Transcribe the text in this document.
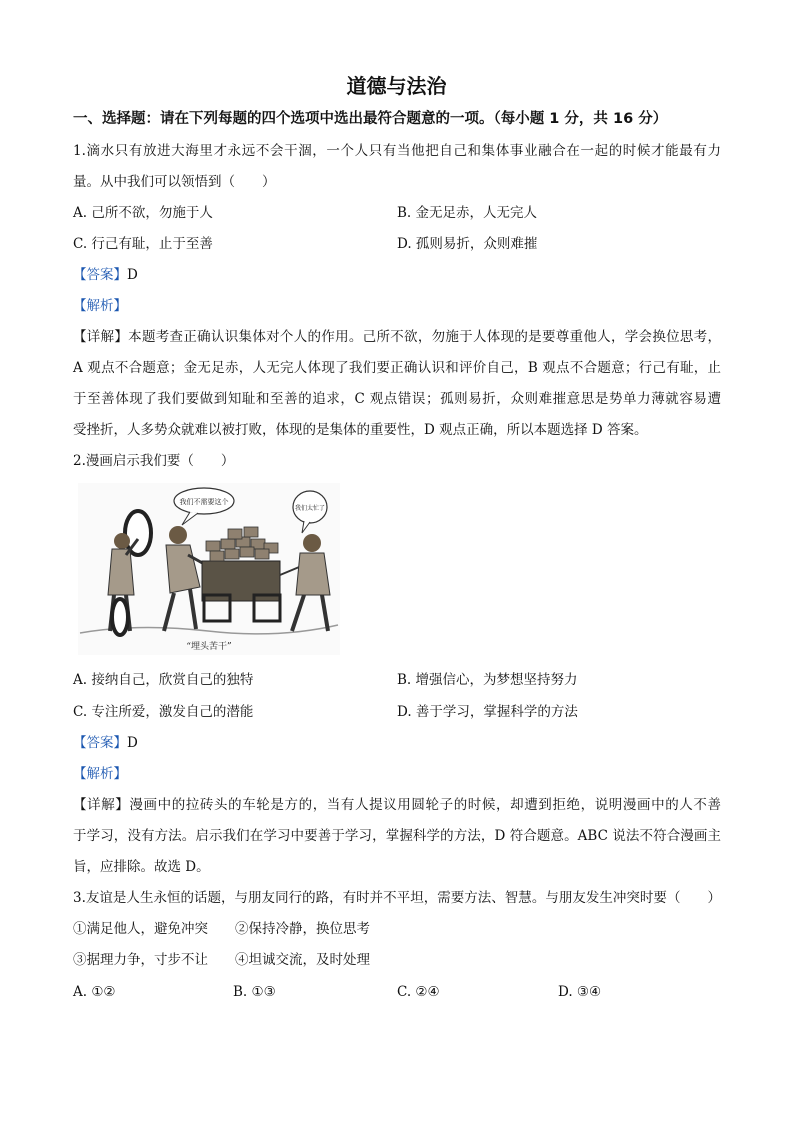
道德与法治
一、选择题：请在下列每题的四个选项中选出最符合题意的一项。（每小题 1 分，共 16 分）
1.滴水只有放进大海里才永远不会干涸，一个人只有当他把自己和集体事业融合在一起的时候才能最有力
量。从中我们可以领悟到（　　）
A. 己所不欲，勿施于人	B. 金无足赤，人无完人
C. 行己有耻，止于至善	D. 孤则易折，众则难摧
【答案】D
【解析】
【详解】本题考查正确认识集体对个人的作用。己所不欲，勿施于人体现的是要尊重他人，学会换位思考，
A 观点不合题意；金无足赤，人无完人体现了我们要正确认识和评价自己，B 观点不合题意；行己有耻，止
于至善体现了我们要做到知耻和至善的追求，C 观点错误；孤则易折，众则难摧意思是势单力薄就容易遭
受挫折，人多势众就难以被打败，体现的是集体的重要性，D 观点正确，所以本题选择 D 答案。
2.漫画启示我们要（　　）
我们不需要这个
我们太忙了
“埋头苦干”
A. 接纳自己，欣赏自己的独特	B. 增强信心，为梦想坚持努力
C. 专注所爱，激发自己的潜能	D. 善于学习，掌握科学的方法
【答案】D
【解析】
【详解】漫画中的拉砖头的车轮是方的，当有人提议用圆轮子的时候，却遭到拒绝，说明漫画中的人不善
于学习，没有方法。启示我们在学习中要善于学习，掌握科学的方法，D 符合题意。ABC 说法不符合漫画主
旨，应排除。故选 D。
3.友谊是人生永恒的话题，与朋友同行的路，有时并不平坦，需要方法、智慧。与朋友发生冲突时要（　　）
①满足他人，避免冲突　　②保持冷静，换位思考
③据理力争，寸步不让　　④坦诚交流，及时处理
A. ①②	B. ①③	C. ②④	D. ③④
